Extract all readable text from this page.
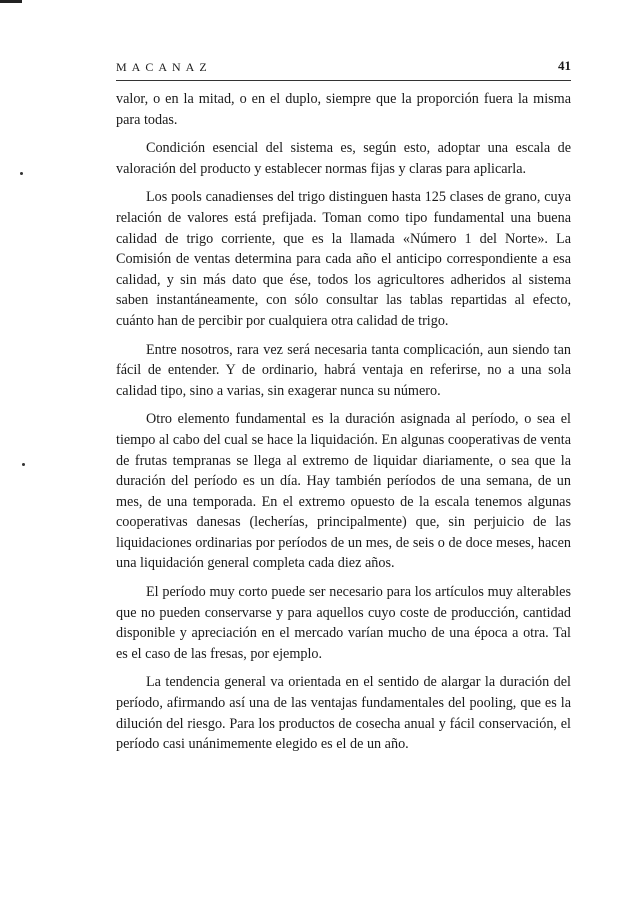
MACANAZ	41

valor, o en la mitad, o en el duplo, siempre que la proporción fuera la misma para todas.

Condición esencial del sistema es, según esto, adoptar una escala de valoración del producto y establecer normas fijas y claras para aplicarla.

Los pools canadienses del trigo distinguen hasta 125 clases de grano, cuya relación de valores está prefijada. Toman como tipo fundamental una buena calidad de trigo corriente, que es la llamada «Número 1 del Norte». La Comisión de ventas determina para cada año el anticipo correspondiente a esa calidad, y sin más dato que ése, todos los agricultores adheridos al sistema saben instantáneamente, con sólo consultar las tablas repartidas al efecto, cuánto han de percibir por cualquiera otra calidad de trigo.

Entre nosotros, rara vez será necesaria tanta complicación, aun siendo tan fácil de entender. Y de ordinario, habrá ventaja en referirse, no a una sola calidad tipo, sino a varias, sin exagerar nunca su número.

Otro elemento fundamental es la duración asignada al período, o sea el tiempo al cabo del cual se hace la liquidación. En algunas cooperativas de venta de frutas tempranas se llega al extremo de liquidar diariamente, o sea que la duración del período es un día. Hay también períodos de una semana, de un mes, de una temporada. En el extremo opuesto de la escala tenemos algunas cooperativas danesas (lecherías, principalmente) que, sin perjuicio de las liquidaciones ordinarias por períodos de un mes, de seis o de doce meses, hacen una liquidación general completa cada diez años.

El período muy corto puede ser necesario para los artículos muy alterables que no pueden conservarse y para aquellos cuyo coste de producción, cantidad disponible y apreciación en el mercado varían mucho de una época a otra. Tal es el caso de las fresas, por ejemplo.

La tendencia general va orientada en el sentido de alargar la duración del período, afirmando así una de las ventajas fundamentales del pooling, que es la dilución del riesgo. Para los productos de cosecha anual y fácil conservación, el período casi unánimemente elegido es el de un año.
